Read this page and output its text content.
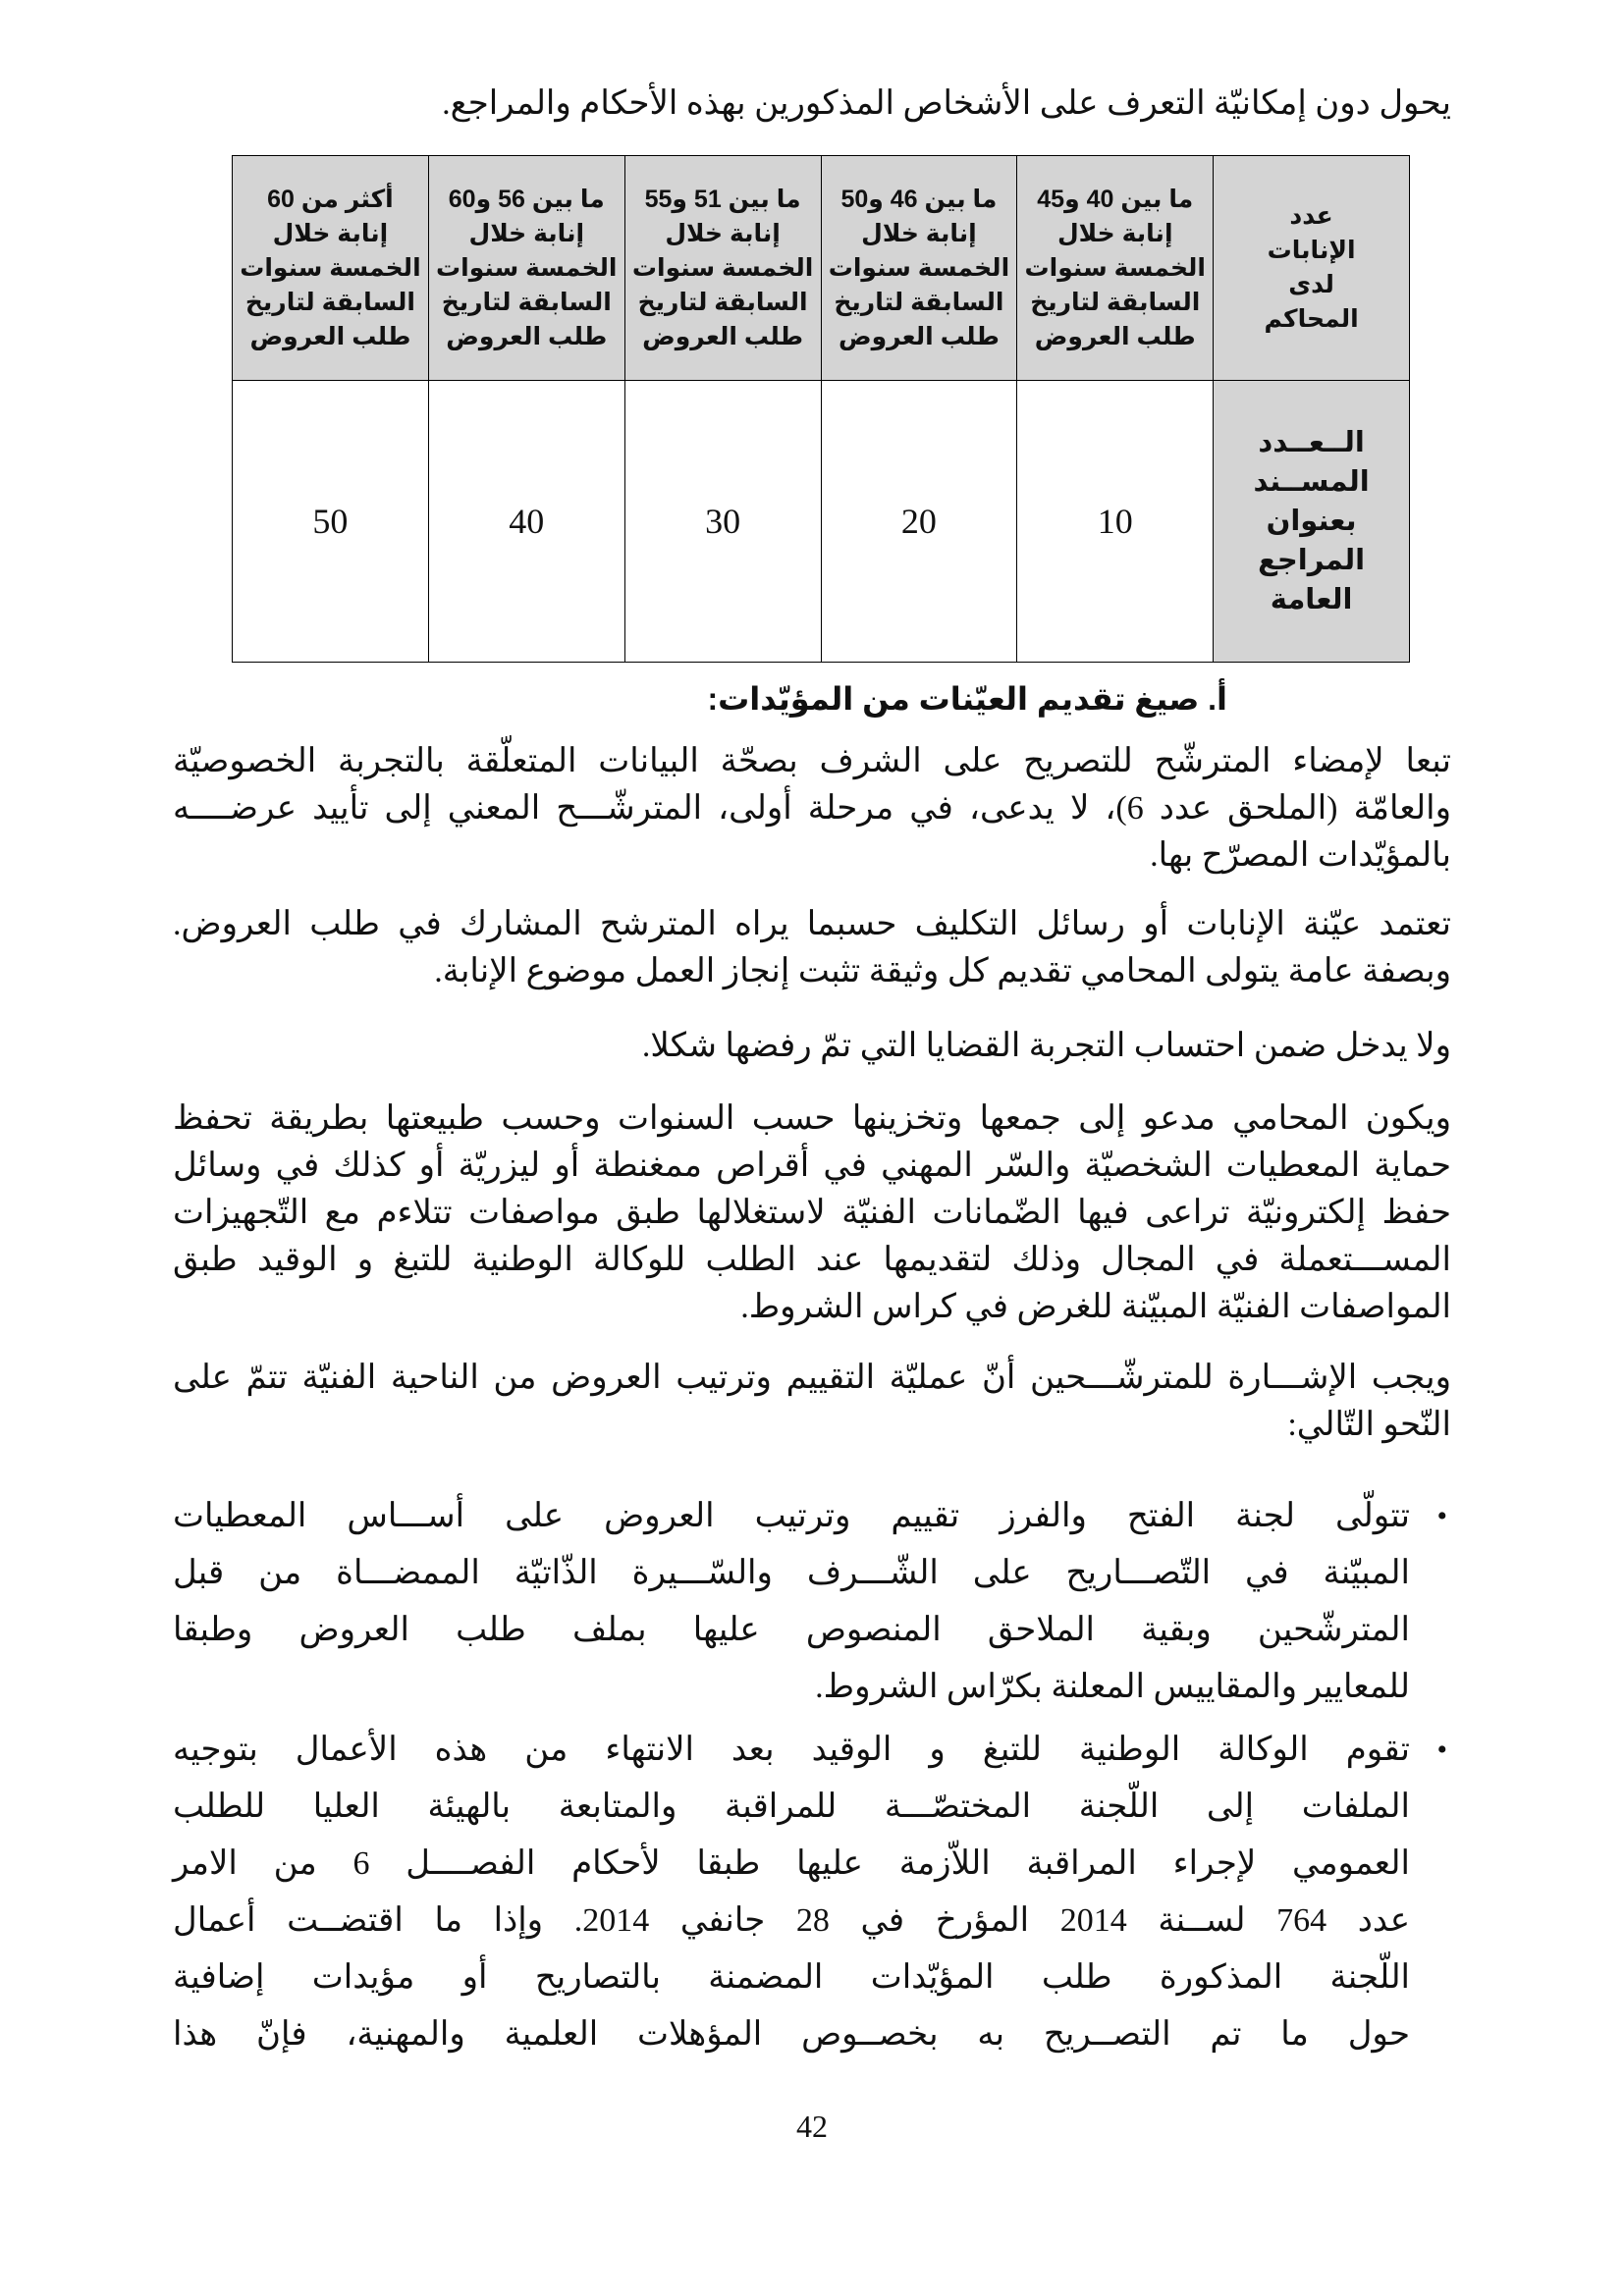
يحول دون إمكانيّة التعرف على الأشخاص المذكورين بهذه الأحكام والمراجع.

عدد
الإنابات
لدى
المحاكم	ما بين 40 و45
إنابة خلال
الخمسة سنوات
السابقة لتاريخ
طلب العروض	ما بين 46 و50
إنابة خلال
الخمسة سنوات
السابقة لتاريخ
طلب العروض	ما بين 51 و55
إنابة خلال
الخمسة سنوات
السابقة لتاريخ
طلب العروض	ما بين 56 و60
إنابة خلال
الخمسة سنوات
السابقة لتاريخ
طلب العروض	أكثر من 60
إنابة خلال
الخمسة سنوات
السابقة لتاريخ
طلب العروض

الــعــدد
المســند
بعنوان
المراجع
العامة	10	20	30	40	50
أ. صيغ تقديم العيّنات من المؤيّدات:

تبعا لإمضاء المترشّح للتصريح على الشرف بصحّة البيانات المتعلّقة بالتجربة الخصوصيّة
والعامّة (الملحق عدد 6)، لا يدعى، في مرحلة أولى، المترشّـــح المعني إلى تأييد عرضــــه
بالمؤيّدات المصرّح بها.

تعتمد عيّنة الإنابات أو رسائل التكليف حسبما يراه المترشح المشارك في طلب العروض.
وبصفة عامة يتولى المحامي تقديم كل وثيقة تثبت إنجاز العمل موضوع الإنابة.

ولا يدخل ضمن احتساب التجربة القضايا التي تمّ رفضها شكلا.

ويكون المحامي مدعو إلى جمعها وتخزينها حسب السنوات وحسب طبيعتها بطريقة تحفظ
حماية المعطيات الشخصيّة والسّر المهني في أقراص ممغنطة أو ليزريّة أو كذلك في وسائل
حفظ إلكترونيّة تراعى فيها الضّمانات الفنيّة لاستغلالها طبق مواصفات تتلاءم مع التّجهيزات
المســـتعملة في المجال وذلك لتقديمها عند الطلب للوكالة الوطنية للتبغ و الوقيد طبق
المواصفات الفنيّة المبيّنة للغرض في كراس الشروط.

ويجب الإشـــارة للمترشّـــحين أنّ عمليّة التقييم وترتيب العروض من الناحية الفنيّة تتمّ على
النّحو التّالي:

•
تتولّى لجنة الفتح والفرز تقييم وترتيب العروض على أســـاس المعطيات
المبيّنة في التّصـــاريح على الشّـــرف والسّـــيرة الذّاتيّة الممضـــاة من قبل
المترشّحين وبقية الملاحق المنصوص عليها بملف طلب العروض وطبقا
للمعايير والمقاييس المعلنة بكرّاس الشروط.
•
تقوم الوكالة الوطنية للتبغ و الوقيد بعد الانتهاء من هذه الأعمال بتوجيه
الملفات إلى اللّجنة المختصّـــة للمراقبة والمتابعة بالهيئة العليا للطلب
العمومي لإجراء المراقبة اللاّزمة عليها طبقا لأحكام الفصــــل 6 من الامر
عدد 764 لســنة 2014 المؤرخ في 28 جانفي 2014. وإذا ما اقتضــت أعمال
اللّجنة المذكورة طلب المؤيّدات المضمنة بالتصاريح أو مؤيدات إضافية
حول ما تم التصــريح به بخصــوص المؤهلات العلمية والمهنية، فإنّ هذا
42
